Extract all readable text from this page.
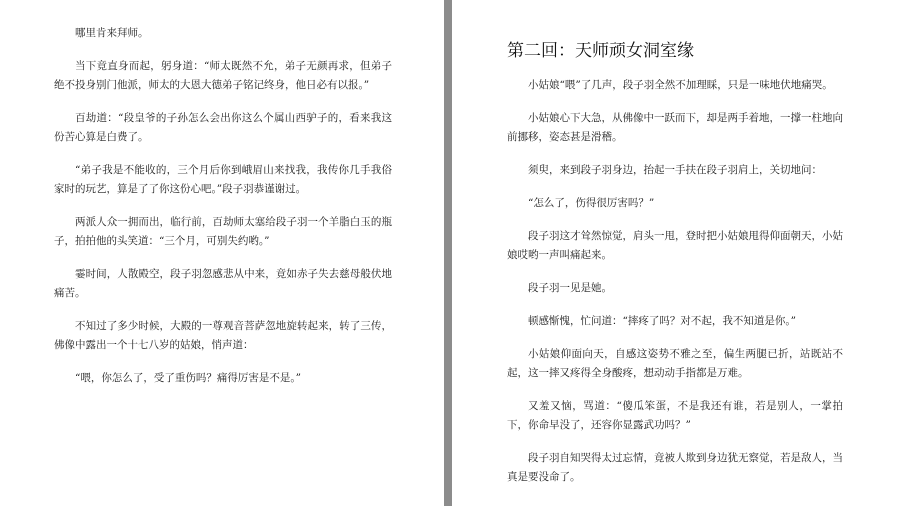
哪里肯来拜师。

当下竟直身而起，躬身道：“师太既然不允，弟子无颜再求，但弟子绝不投身别门他派，师太的大恩大德弟子铭记终身，他日必有以报。”

百劫道：“段皇爷的子孙怎么会出你这么个属山西驴子的，看来我这份苦心算是白费了。

“弟子我是不能收的，三个月后你到峨眉山来找我，我传你几手我俗家时的玩艺，算是了了你这份心吧。”段子羽恭谨谢过。

两派人众一拥而出，临行前，百劫师太塞给段子羽一个羊脂白玉的瓶子，拍拍他的头笑道：“三个月，可别失约哟。”

霎时间，人散殿空，段子羽忽感悲从中来，竟如赤子失去慈母般伏地痛苦。

不知过了多少时候，大殿的一尊观音菩萨忽地旋转起来，转了三传，佛像中露出一个十七八岁的姑娘，悄声道：

“喂，你怎么了，受了重伤吗？痛得厉害是不是。”

第二回：天师顽女洞室缘

小姑娘“喂”了几声，段子羽全然不加理睬，只是一味地伏地痛哭。

小姑娘心下大急，从佛像中一跃而下，却是两手着地，一撑一柱地向前挪移，姿态甚是滑稽。

须臾，来到段子羽身边，抬起一手扶在段子羽肩上，关切地问：

“怎么了，伤得很厉害吗？”

段子羽这才耸然惊觉，肩头一甩，登时把小姑娘甩得仰面朝天，小姑娘哎哟一声叫痛起来。

段子羽一见是她。

顿感惭愧，忙问道：“摔疼了吗？对不起，我不知道是你。”

小姑娘仰面向天，自感这姿势不雅之至，偏生两腿已折，站既站不起，这一摔又疼得全身酸疼，想动动手指都是万难。

又羞又恼，骂道：“傻瓜笨蛋，不是我还有谁，若是别人，一掌拍下，你命早没了，还容你显露武功吗？”

段子羽自知哭得太过忘情，竟被人欺到身边犹无察觉，若是敌人，当真是要没命了。
